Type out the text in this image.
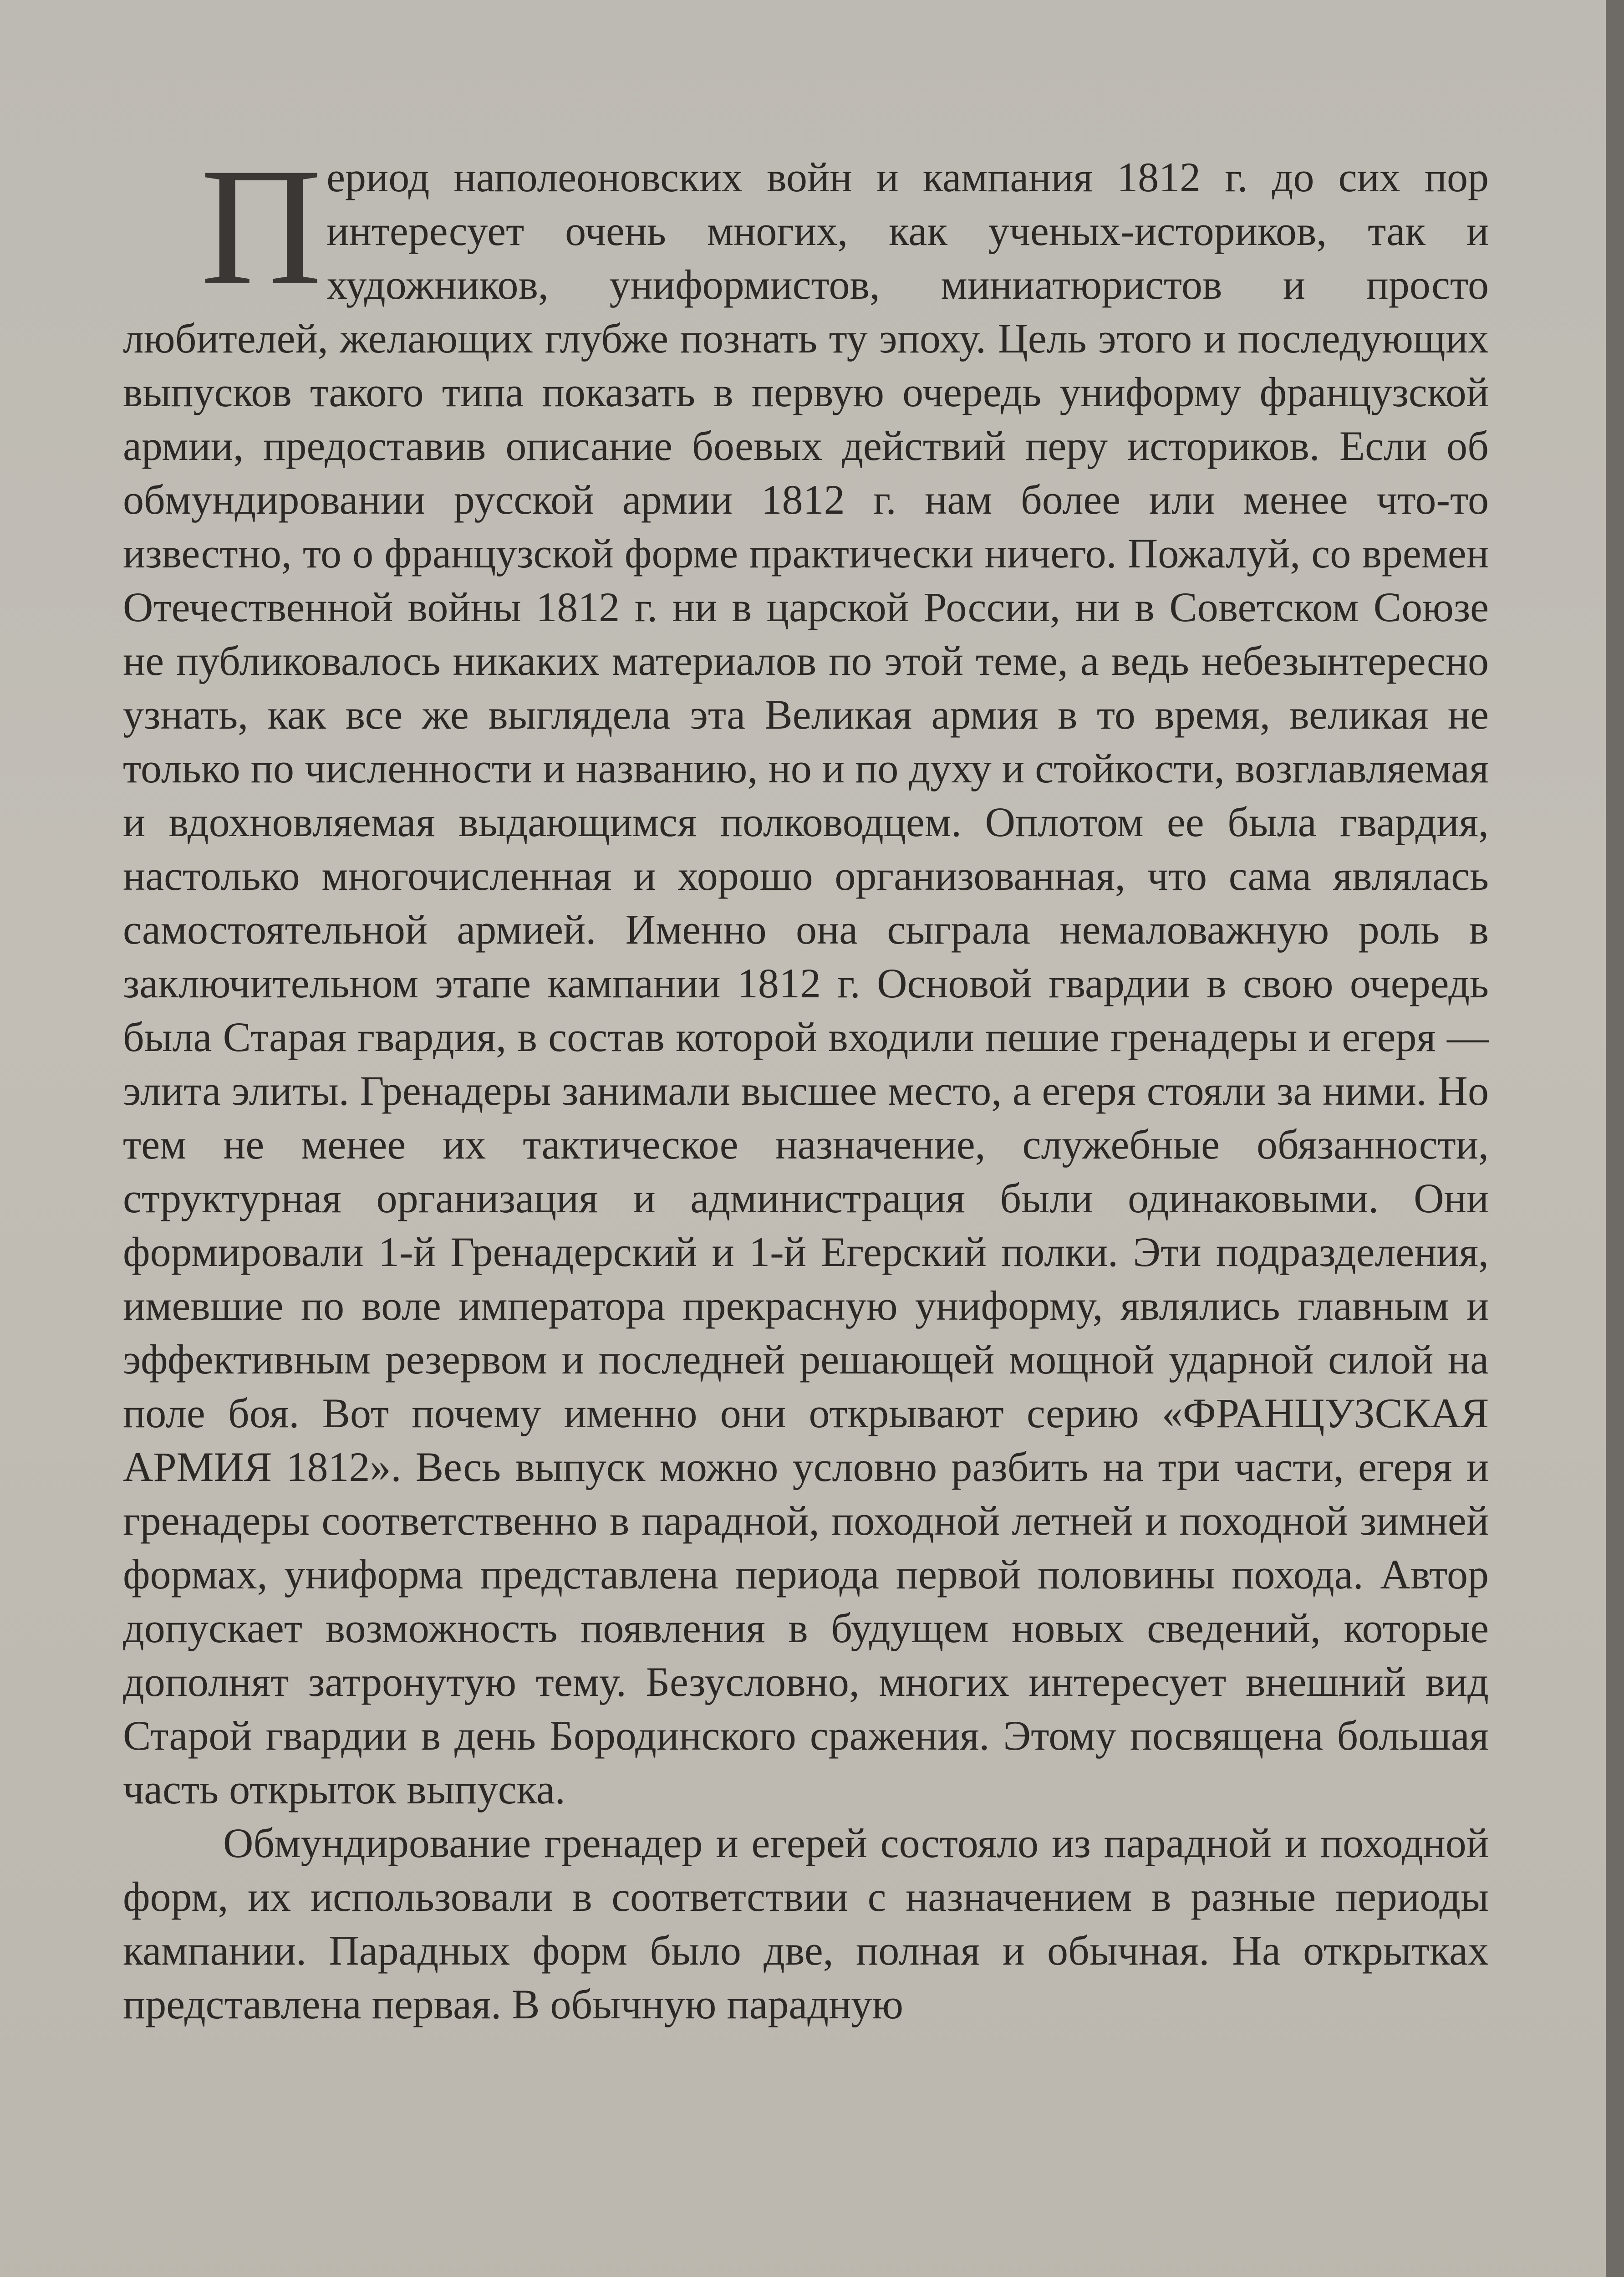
Период наполеоновских войн и кампания 1812 г. до сих пор интересует очень многих, как ученых-историков, так и художников, униформистов, миниатюристов и просто любителей, желающих глубже познать ту эпоху. Цель этого и последующих выпусков такого типа показать в первую очередь униформу французской армии, предоставив описание боевых действий перу историков. Если об обмундировании русской армии 1812 г. нам более или менее что-то известно, то о французской форме практически ничего. Пожалуй, со времен Отечественной войны 1812 г. ни в царской России, ни в Советском Союзе не публиковалось никаких материалов по этой теме, а ведь небезынтересно узнать, как все же выглядела эта Великая армия в то время, великая не только по численности и названию, но и по духу и стойкости, возглавляемая и вдохновляемая выдающимся полководцем. Оплотом ее была гвардия, настолько многочисленная и хорошо организованная, что сама являлась самостоятельной армией. Именно она сыграла немаловажную роль в заключительном этапе кампании 1812 г. Основой гвардии в свою очередь была Старая гвардия, в состав которой входили пешие гренадеры и егеря — элита элиты. Гренадеры занимали высшее место, а егеря стояли за ними. Но тем не менее их тактическое назначение, служебные обязанности, структурная организация и администрация были одинаковыми. Они формировали 1-й Гренадерский и 1-й Егерский полки. Эти подразделения, имевшие по воле императора прекрасную униформу, являлись главным и эффективным резервом и последней решающей мощной ударной силой на поле боя. Вот почему именно они открывают серию «ФРАНЦУЗСКАЯ АРМИЯ 1812». Весь выпуск можно условно разбить на три части, егеря и гренадеры соответственно в парадной, походной летней и походной зимней формах, униформа представлена периода первой половины похода. Автор допускает возможность появления в будущем новых сведений, которые дополнят затронутую тему. Безусловно, многих интересует внешний вид Старой гвардии в день Бородинского сражения. Этому посвящена большая часть открыток выпуска.

Обмундирование гренадер и егерей состояло из парадной и походной форм, их использовали в соответствии с назначением в разные периоды кампании. Парадных форм было две, полная и обычная. На открытках представлена первая. В обычную парадную
